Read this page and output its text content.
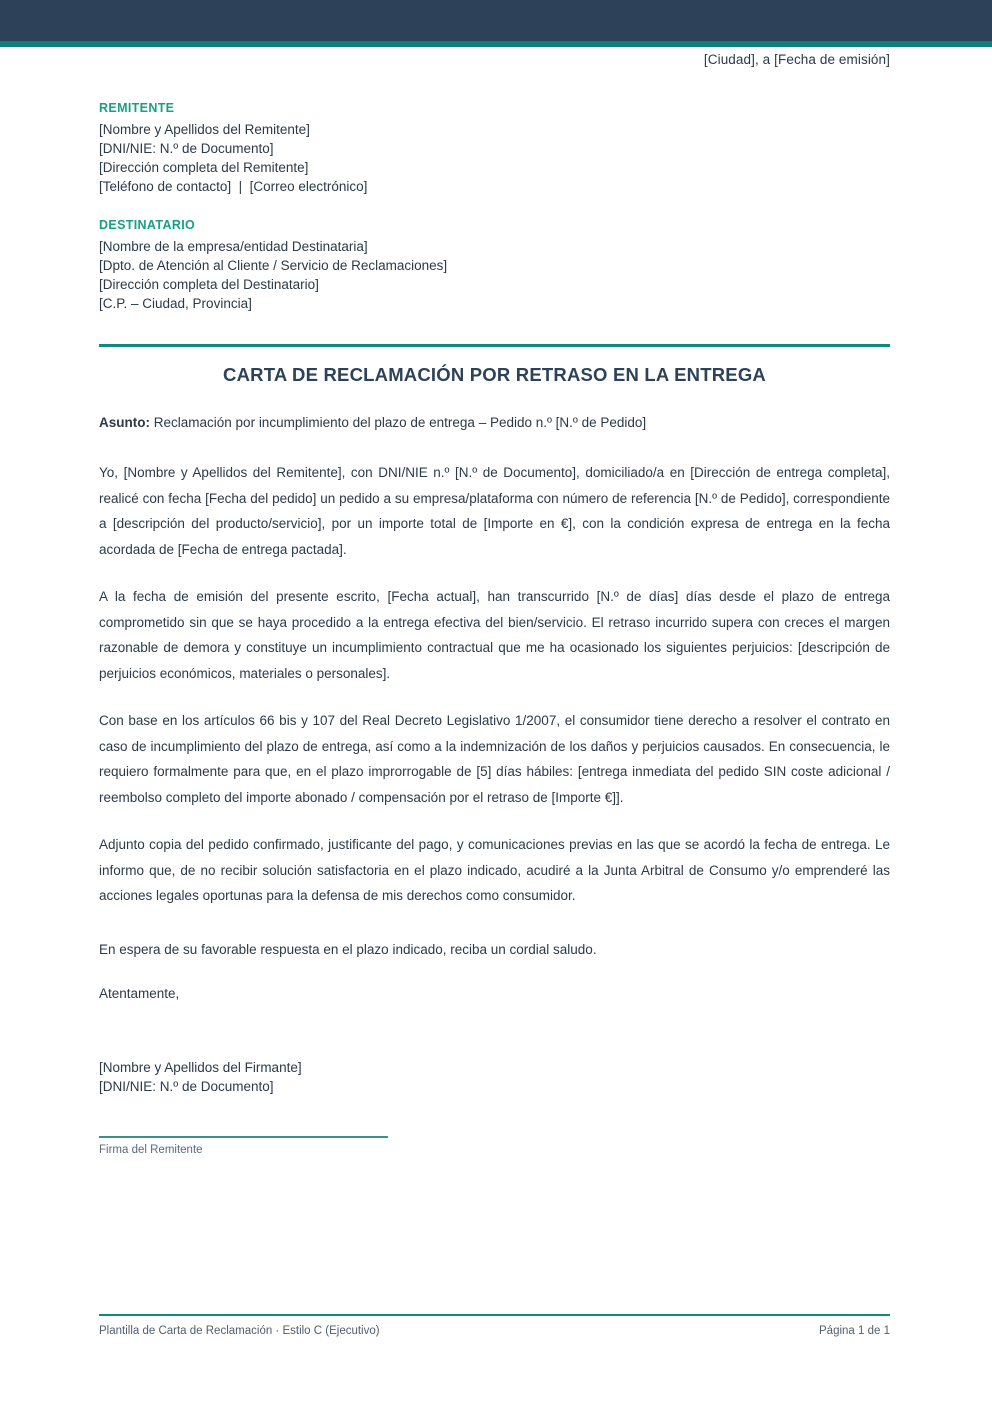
[Ciudad], a [Fecha de emisión]
REMITENTE
[Nombre y Apellidos del Remitente]
[DNI/NIE: N.º de Documento]
[Dirección completa del Remitente]
[Teléfono de contacto]  |  [Correo electrónico]
DESTINATARIO
[Nombre de la empresa/entidad Destinataria]
[Dpto. de Atención al Cliente / Servicio de Reclamaciones]
[Dirección completa del Destinatario]
[C.P. – Ciudad, Provincia]
CARTA DE RECLAMACIÓN POR RETRASO EN LA ENTREGA
Asunto: Reclamación por incumplimiento del plazo de entrega – Pedido n.º [N.º de Pedido]
Yo, [Nombre y Apellidos del Remitente], con DNI/NIE n.º [N.º de Documento], domiciliado/a en [Dirección de entrega completa], realicé con fecha [Fecha del pedido] un pedido a su empresa/plataforma con número de referencia [N.º de Pedido], correspondiente a [descripción del producto/servicio], por un importe total de [Importe en €], con la condición expresa de entrega en la fecha acordada de [Fecha de entrega pactada].
A la fecha de emisión del presente escrito, [Fecha actual], han transcurrido [N.º de días] días desde el plazo de entrega comprometido sin que se haya procedido a la entrega efectiva del bien/servicio. El retraso incurrido supera con creces el margen razonable de demora y constituye un incumplimiento contractual que me ha ocasionado los siguientes perjuicios: [descripción de perjuicios económicos, materiales o personales].
Con base en los artículos 66 bis y 107 del Real Decreto Legislativo 1/2007, el consumidor tiene derecho a resolver el contrato en caso de incumplimiento del plazo de entrega, así como a la indemnización de los daños y perjuicios causados. En consecuencia, le requiero formalmente para que, en el plazo improrrogable de [5] días hábiles: [entrega inmediata del pedido SIN coste adicional / reembolso completo del importe abonado / compensación por el retraso de [Importe €]].
Adjunto copia del pedido confirmado, justificante del pago, y comunicaciones previas en las que se acordó la fecha de entrega. Le informo que, de no recibir solución satisfactoria en el plazo indicado, acudiré a la Junta Arbitral de Consumo y/o emprenderé las acciones legales oportunas para la defensa de mis derechos como consumidor.
En espera de su favorable respuesta en el plazo indicado, reciba un cordial saludo.
Atentamente,
[Nombre y Apellidos del Firmante]
[DNI/NIE: N.º de Documento]
Firma del Remitente
Plantilla de Carta de Reclamación · Estilo C (Ejecutivo)	Página 1 de 1
